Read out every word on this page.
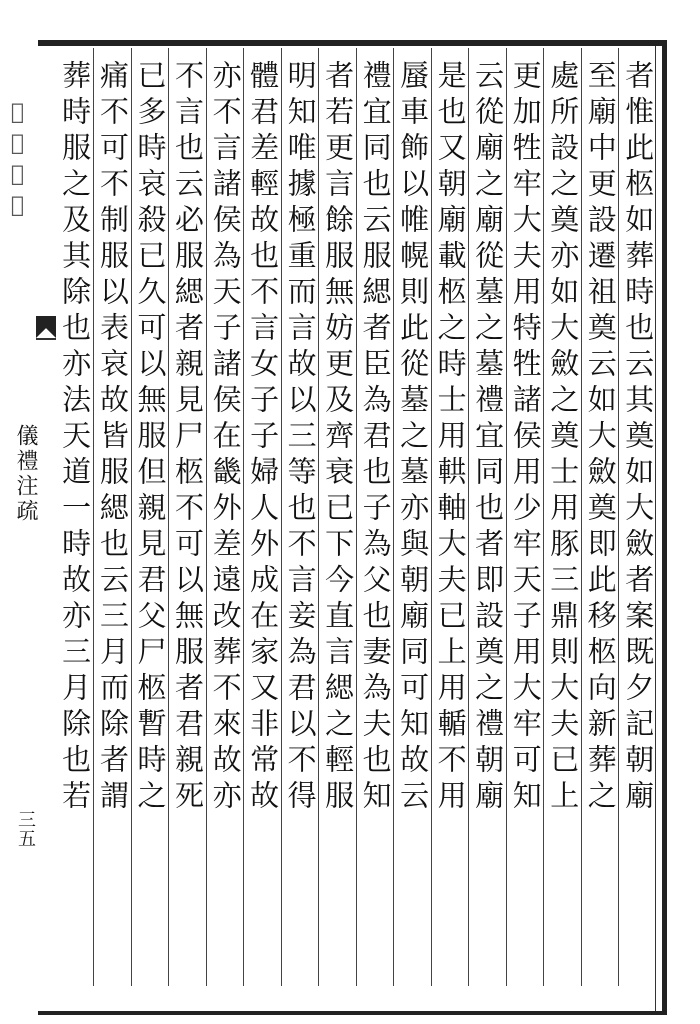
𢀤𠆤𣃔𡈼
儀禮注疏
三五
者惟此柩如葬時也云其奠如大斂者案既夕記朝廟
至廟中更設遷祖奠云如大斂奠即此移柩向新葬之
處所設之奠亦如大斂之奠士用豚三鼎則大夫已上
更加牲牢大夫用特牲諸侯用少牢天子用大牢可知
云從廟之廟從墓之墓禮宜同也者即設奠之禮朝廟
是也又朝廟載柩之時士用輁軸大夫已上用輴不用
蜃車飾以帷幌則此從墓之墓亦與朝廟同可知故云
禮宜同也云服緦者臣為君也子為父也妻為夫也知
者若更言餘服無妨更及齊衰已下今直言緦之輕服
明知唯據極重而言故以三等也不言妾為君以不得
體君差輕故也不言女子子婦人外成在家又非常故
亦不言諸侯為天子諸侯在畿外差遠改葬不來故亦
不言也云必服緦者親見尸柩不可以無服者君親死
已多時哀殺已久可以無服但親見君父尸柩暫時之
痛不可不制服以表哀故皆服緦也云三月而除者謂
葬時服之及其除也亦法天道一時故亦三月除也若
